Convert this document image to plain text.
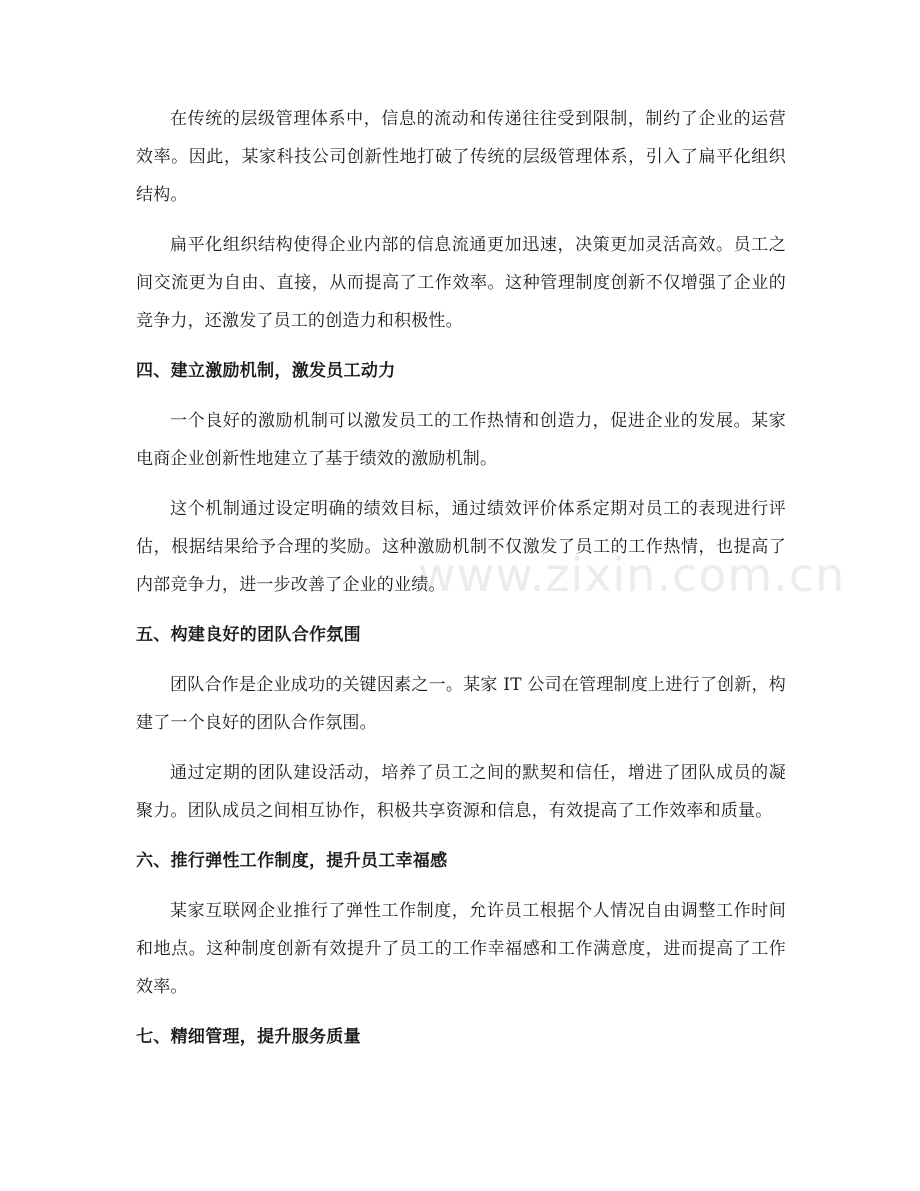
在传统的层级管理体系中，信息的流动和传递往往受到限制，制约了企业的运营效率。因此，某家科技公司创新性地打破了传统的层级管理体系，引入了扁平化组织结构。

扁平化组织结构使得企业内部的信息流通更加迅速，决策更加灵活高效。员工之间交流更为自由、直接，从而提高了工作效率。这种管理制度创新不仅增强了企业的竞争力，还激发了员工的创造力和积极性。

四、建立激励机制，激发员工动力

一个良好的激励机制可以激发员工的工作热情和创造力，促进企业的发展。某家电商企业创新性地建立了基于绩效的激励机制。

这个机制通过设定明确的绩效目标，通过绩效评价体系定期对员工的表现进行评估，根据结果给予合理的奖励。这种激励机制不仅激发了员工的工作热情，也提高了内部竞争力，进一步改善了企业的业绩。

五、构建良好的团队合作氛围

团队合作是企业成功的关键因素之一。某家 IT 公司在管理制度上进行了创新，构建了一个良好的团队合作氛围。

通过定期的团队建设活动，培养了员工之间的默契和信任，增进了团队成员的凝聚力。团队成员之间相互协作，积极共享资源和信息，有效提高了工作效率和质量。

六、推行弹性工作制度，提升员工幸福感

某家互联网企业推行了弹性工作制度，允许员工根据个人情况自由调整工作时间和地点。这种制度创新有效提升了员工的工作幸福感和工作满意度，进而提高了工作效率。

七、精细管理，提升服务质量
www.zixin.com.cn
